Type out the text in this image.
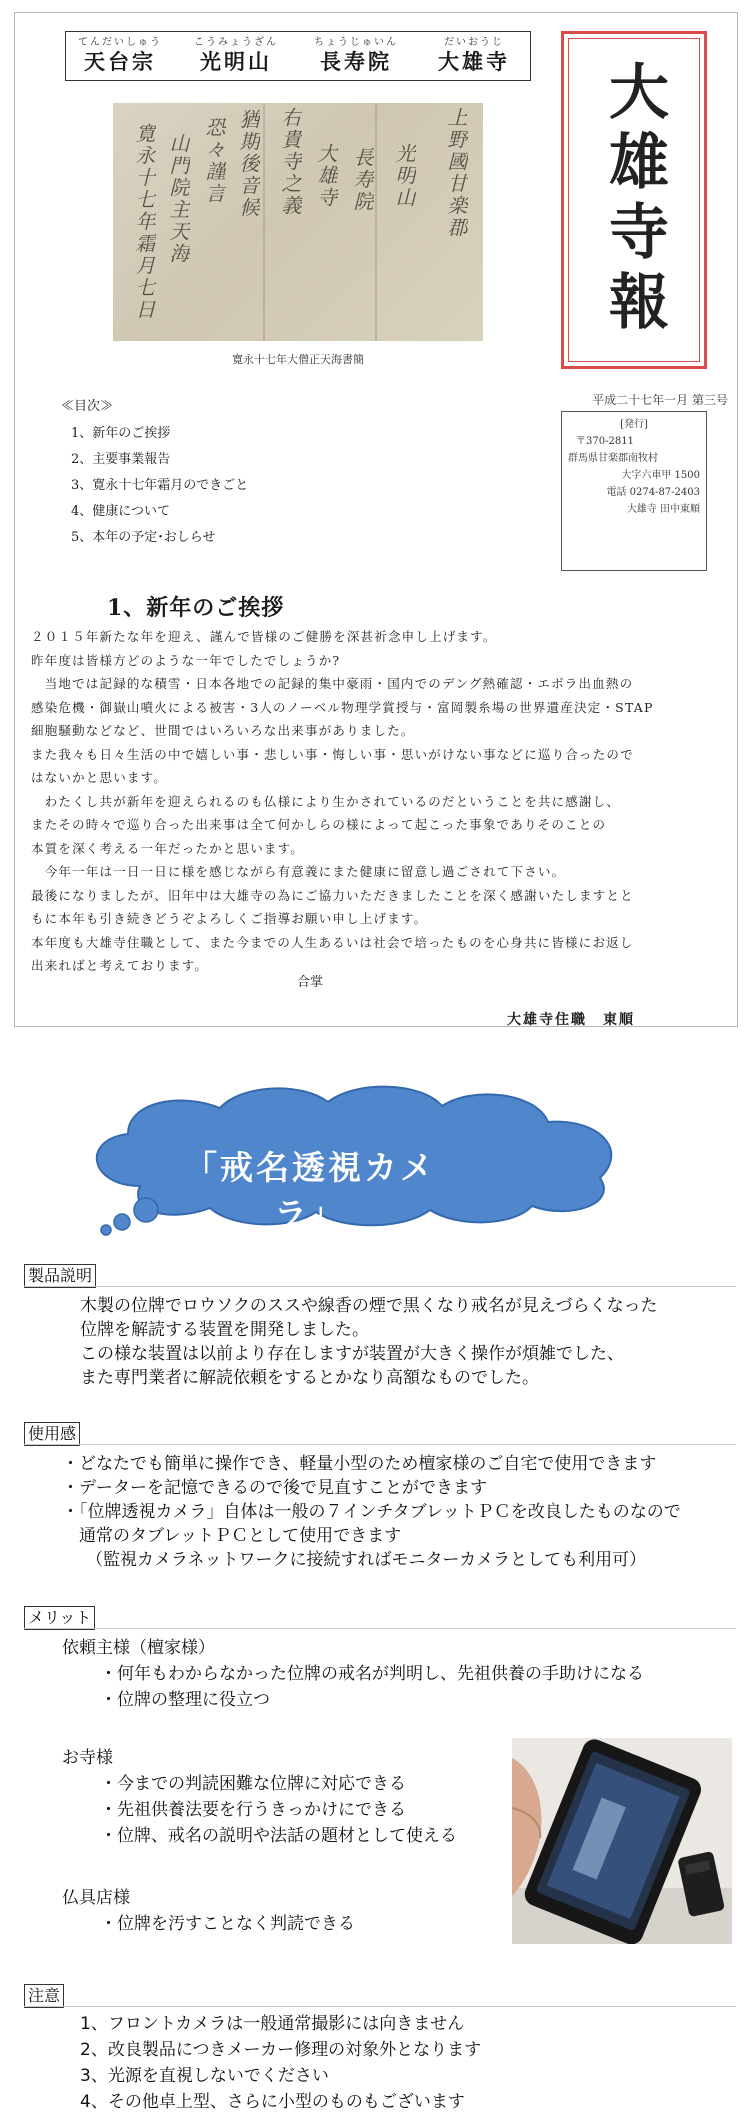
てんだいしゅう
天台宗
こうみょうざん
光明山
ちょうじゅいん
長寿院
だいおうじ
大雄寺
寛永十七年霜月七日 山門院主天海 恐々謹言 猶期後音候 右貴寺之義 大雄寺 長寿院 光明山 上野國甘楽郡
寛永十七年大僧正天海書簡
大雄寺報
平成二十七年一月 第三号
[発行]
〒370-2811
群馬県甘楽郡南牧村
大字六車甲 1500
電話 0274-87-2403
大雄寺 田中東順
≪目次≫
1、新年のご挨拶
2、主要事業報告
3、寛永十七年霜月のできごと
4、健康について
5、本年の予定･おしらせ
1、新年のご挨拶

２０１５年新たな年を迎え、謹んで皆様のご健勝を深甚祈念申し上げます。

昨年度は皆様方どのような一年でしたでしょうか?

　当地では記録的な積雪・日本各地での記録的集中豪雨・国内でのデング熱確認・エボラ出血熱の

感染危機・御嶽山噴火による被害・3人のノーベル物理学賞授与・富岡製糸場の世界遺産決定・STAP

細胞騒動などなど、世間ではいろいろな出来事がありました。

また我々も日々生活の中で嬉しい事・悲しい事・悔しい事・思いがけない事などに巡り合ったので

はないかと思います。

　わたくし共が新年を迎えられるのも仏様により生かされているのだということを共に感謝し、

またその時々で巡り合った出来事は全て何かしらの様によって起こった事象でありそのことの

本質を深く考える一年だったかと思います。

　今年一年は一日一日に様を感じながら有意義にまた健康に留意し過ごされて下さい。

最後になりましたが、旧年中は大雄寺の為にご協力いただきましたことを深く感謝いたしますとと

もに本年も引き続きどうぞよろしくご指導お願い申し上げます。

本年度も大雄寺住職として、また今までの人生あるいは社会で培ったものを心身共に皆様にお返し

出来ればと考えております。

合掌
大雄寺住職　東順
「戒名透視カメラ」
製品説明
木製の位牌でロウソクのススや線香の煙で黒くなり戒名が見えづらくなった
位牌を解読する装置を開発しました。
この様な装置は以前より存在しますが装置が大きく操作が煩雑でした、
また専門業者に解読依頼をするとかなり高額なものでした。
使用感
・どなたでも簡単に操作でき、軽量小型のため檀家様のご自宅で使用できます
・データーを記憶できるので後で見直すことができます
・「位牌透視カメラ」自体は一般の７インチタブレットＰＣを改良したものなので
　通常のタブレットＰＣとして使用できます
（監視カメラネットワークに接続すればモニターカメラとしても利用可）
メリット
依頼主様（檀家様）
・何年もわからなかった位牌の戒名が判明し、先祖供養の手助けになる
・位牌の整理に役立つ
お寺様
・今までの判読困難な位牌に対応できる
・先祖供養法要を行うきっかけにできる
・位牌、戒名の説明や法話の題材として使える
仏具店様
・位牌を汚すことなく判読できる
注意
1、フロントカメラは一般通常撮影には向きません
2、改良製品につきメーカー修理の対象外となります
3、光源を直視しないでください
4、その他卓上型、さらに小型のものもございます
